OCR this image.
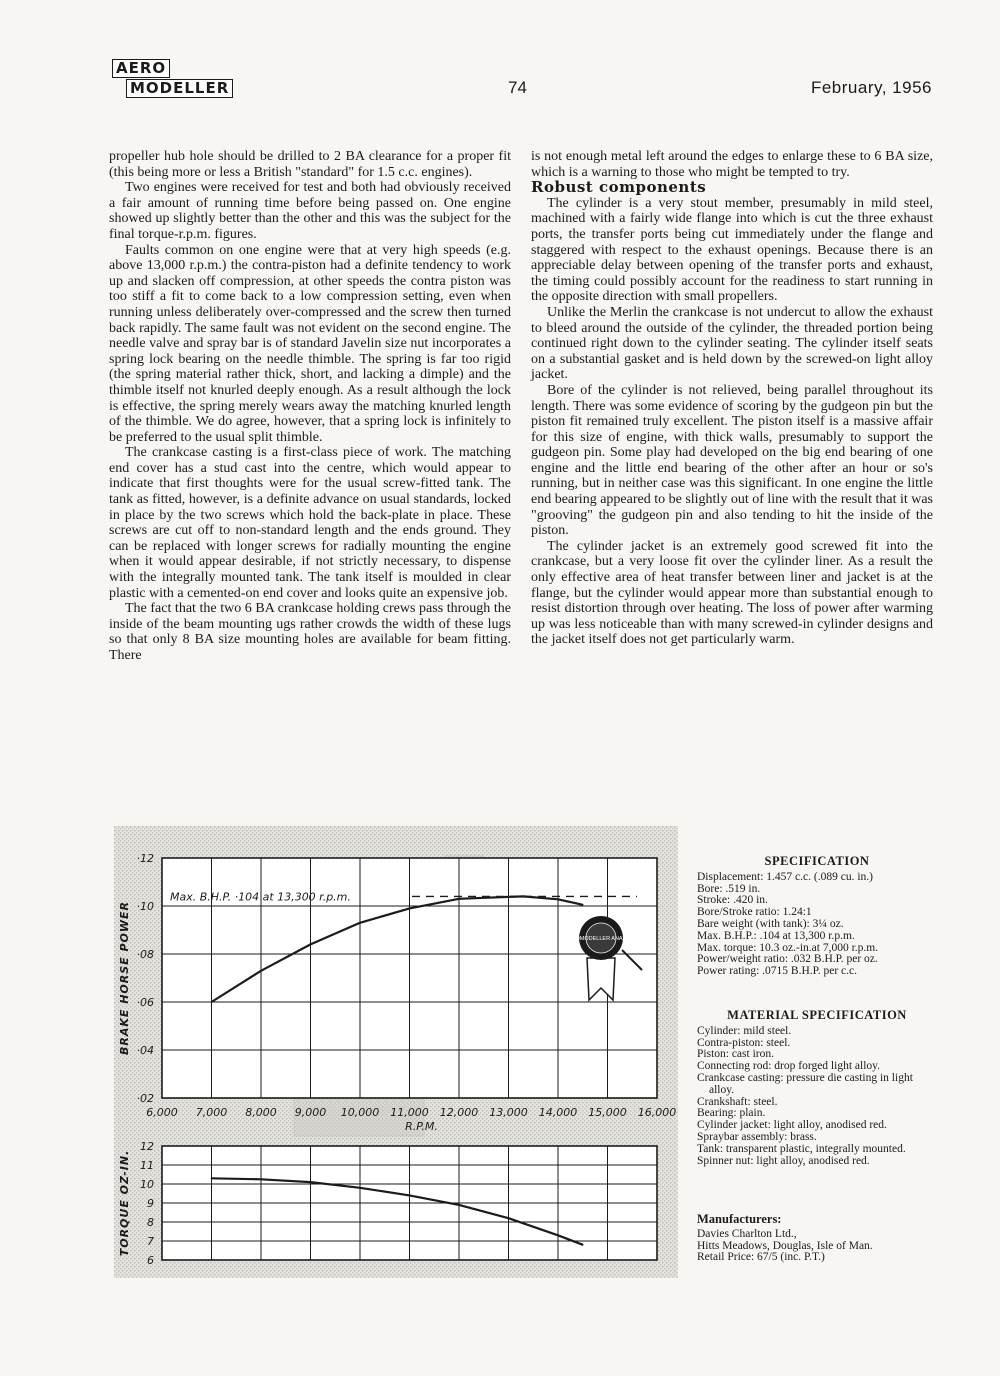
AERO
MODELLER	74	February, 1956

propeller hub hole should be drilled to 2 BA clearance for a proper fit (this being more or less a British "standard" for 1.5 c.c. engines).

Two engines were received for test and both had obviously received a fair amount of running time before being passed on. One engine showed up slightly better than the other and this was the subject for the final torque-r.p.m. figures.

Faults common on one engine were that at very high speeds (e.g. above 13,000 r.p.m.) the contra-piston had a definite tendency to work up and slacken off compression, at other speeds the contra piston was too stiff a fit to come back to a low compression setting, even when running unless deliberately over-compressed and the screw then turned back rapidly. The same fault was not evident on the second engine. The needle valve and spray bar is of standard Javelin size nut incorporates a spring lock bearing on the needle thimble. The spring is far too rigid (the spring material rather thick, short, and lacking a dimple) and the thimble itself not knurled deeply enough. As a result although the lock is effective, the spring merely wears away the matching knurled length of the thimble. We do agree, however, that a spring lock is infinitely to be preferred to the usual split thimble.

The crankcase casting is a first-class piece of work. The matching end cover has a stud cast into the centre, which would appear to indicate that first thoughts were for the usual screw-fitted tank. The tank as fitted, however, is a definite advance on usual standards, locked in place by the two screws which hold the back-plate in place. These screws are cut off to non-standard length and the ends ground. They can be replaced with longer screws for radially mounting the engine when it would appear desirable, if not strictly necessary, to dispense with the integrally mounted tank. The tank itself is moulded in clear plastic with a cemented-on end cover and looks quite an expensive job.

The fact that the two 6 BA crankcase holding crews pass through the inside of the beam mounting ugs rather crowds the width of these lugs so that only 8 BA size mounting holes are available for beam fitting. There

is not enough metal left around the edges to enlarge these to 6 BA size, which is a warning to those who might be tempted to try.

Robust components

The cylinder is a very stout member, presumably in mild steel, machined with a fairly wide flange into which is cut the three exhaust ports, the transfer ports being cut immediately under the flange and staggered with respect to the exhaust openings. Because there is an appreciable delay between opening of the transfer ports and exhaust, the timing could possibly account for the readiness to start running in the opposite direction with small propellers.

Unlike the Merlin the crankcase is not undercut to allow the exhaust to bleed around the outside of the cylinder, the threaded portion being continued right down to the cylinder seating. The cylinder itself seats on a substantial gasket and is held down by the screwed-on light alloy jacket.

Bore of the cylinder is not relieved, being parallel throughout its length. There was some evidence of scoring by the gudgeon pin but the piston fit remained truly excellent. The piston itself is a massive affair for this size of engine, with thick walls, presumably to support the gudgeon pin. Some play had developed on the big end bearing of one engine and the little end bearing of the other after an hour or so's running, but in neither case was this significant. In one engine the little end bearing appeared to be slightly out of line with the result that it was "grooving" the gudgeon pin and also tending to hit the inside of the piston.

The cylinder jacket is an extremely good screwed fit into the crankcase, but a very loose fit over the cylinder liner. As a result the only effective area of heat transfer between liner and jacket is at the flange, but the cylinder would appear more than substantial enough to resist distortion through over heating. The loss of power after warming up was less noticeable than with many screwed-in cylinder designs and the jacket itself does not get particularly warm.

·12
·10
·08
·06
·04
·02
6,000 7,000 8,000 9,000 10,000 11,000 12,000 13,000 14,000 15,000 16,000
R.P.M.
BRAKE HORSE POWER
Max. B.H.P. ·104 at 13,300 r.p.m.
12
11
10
9
8
7
6
TORQUE OZ-IN.
AEROMODELLER ANALYSIS
SPECIFICATION
Displacement: 1.457 c.c. (.089 cu. in.)
Bore: .519 in.
Stroke: .420 in.
Bore/Stroke ratio: 1.24:1
Bare weight (with tank): 3¼ oz.
Max. B.H.P.: .104 at 13,300 r.p.m.
Max. torque: 10.3 oz.-in.at 7,000 r.p.m.
Power/weight ratio: .032 B.H.P. per oz.
Power rating: .0715 B.H.P. per c.c.
MATERIAL SPECIFICATION
Cylinder: mild steel.
Contra-piston: steel.
Piston: cast iron.
Connecting rod: drop forged light alloy.
Crankcase casting: pressure die casting in light alloy.
Crankshaft: steel.
Bearing: plain.
Cylinder jacket: light alloy, anodised red.
Spraybar assembly: brass.
Tank: transparent plastic, integrally mounted.
Spinner nut: light alloy, anodised red.
Manufacturers:
Davies Charlton Ltd.,
Hitts Meadows, Douglas, Isle of Man.
Retail Price: 67/5 (inc. P.T.)
